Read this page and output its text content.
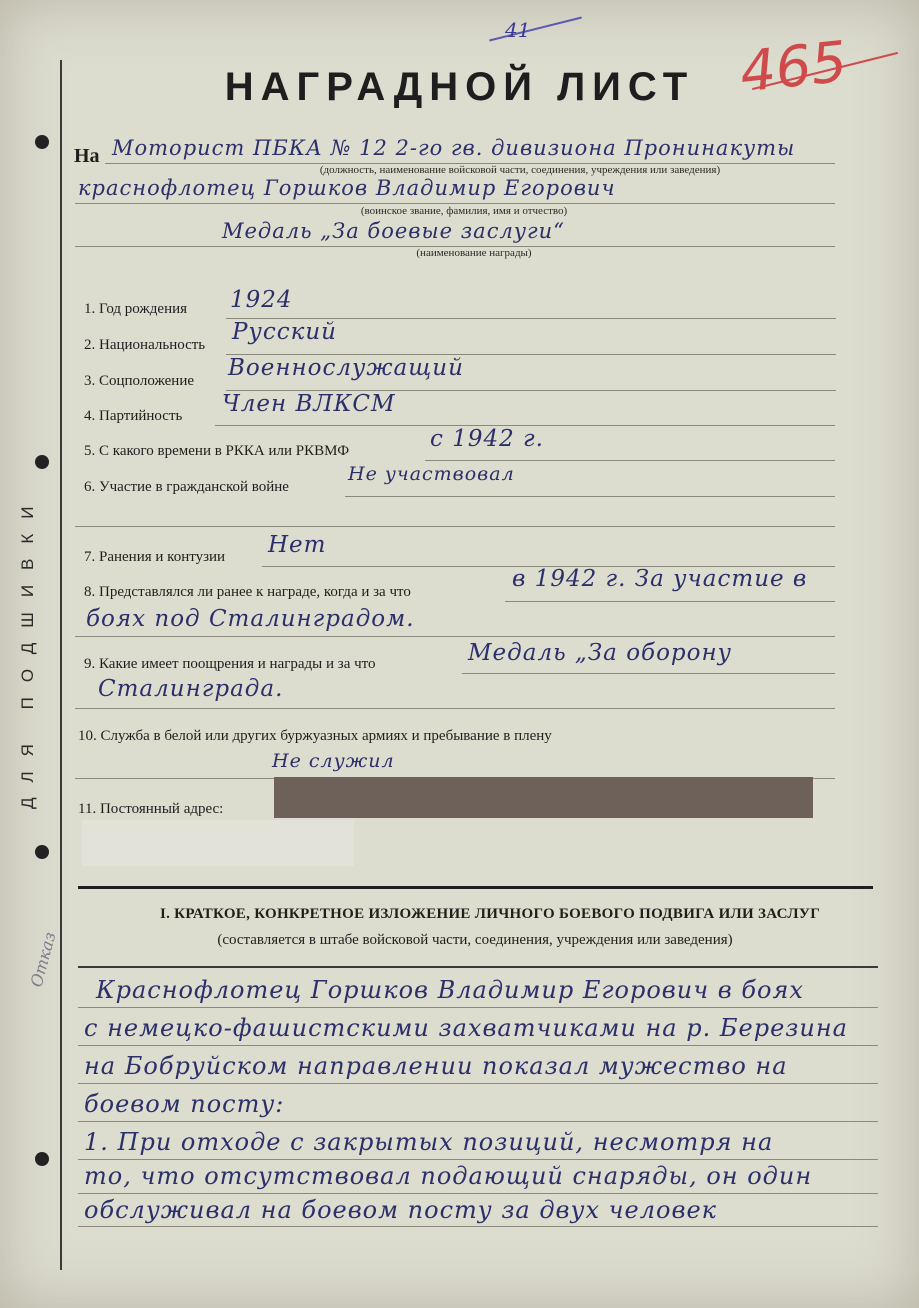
ДЛЯ ПОДШИВКИ
41	465
НАГРАДНОЙ ЛИСТ
На Моторист ПБКА № 12 2-го гв. дивизиона Пронинакуты
(должность, наименование войсковой части, соединения, учреждения или заведения)
краснофлотец Горшков Владимир Егорович
(воинское звание, фамилия, имя и отчество)
Медаль „За боевые заслуги“
(наименование награды)
1. Год рождения 1924
2. Национальность Русский
3. Соцположение Военнослужащий
4. Партийность Член ВЛКСМ
5. С какого времени в РККА или РКВМФ	с 1942 г.
6. Участие в гражданской войне
Не участвовал
7. Ранения и контузии Нет
8. Представлялся ли ранее к награде, когда и за что	в 1942 г. За участие в
боях под Сталинградом.
9. Какие имеет поощрения и награды и за что	Медаль „За оборону
Сталинграда.
10. Служба в белой или других буржуазных армиях и пребывание в плену
Не служил
11. Постоянный адрес:
I. КРАТКОЕ, КОНКРЕТНОЕ ИЗЛОЖЕНИЕ ЛИЧНОГО БОЕВОГО ПОДВИГА ИЛИ ЗАСЛУГ
(составляется в штабе войсковой части, соединения, учреждения или заведения)
Краснофлотец Горшков Владимир Егорович в боях
с немецко-фашистскими захватчиками на р. Березина
на Бобруйском направлении показал мужество на
боевом посту:
1. При отходе с закрытых позиций, несмотря на
то, что отсутствовал подающий снаряды, он один
обслуживал на боевом посту за двух человек
Отказ
